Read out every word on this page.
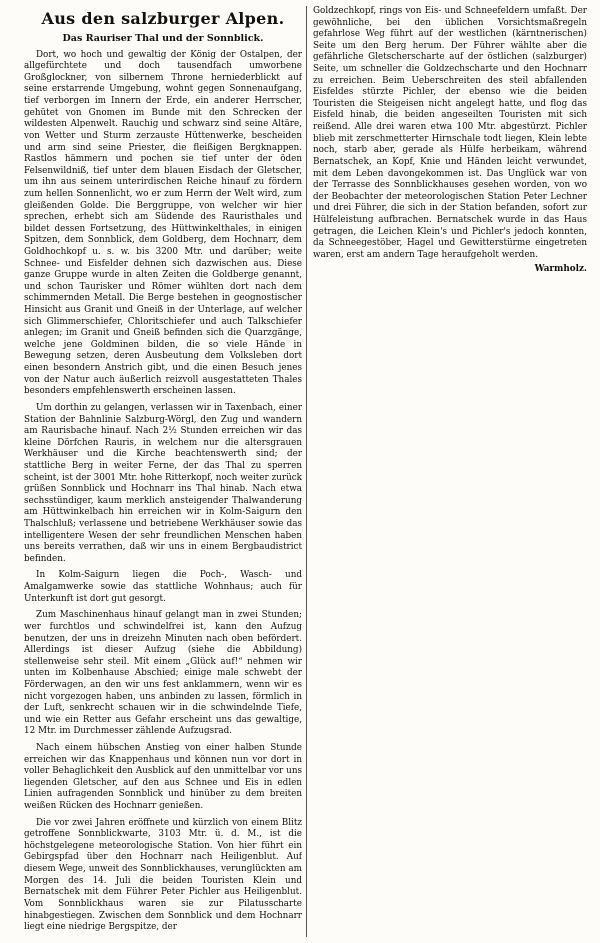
Aus den salzburger Alpen.
Das Rauriser Thal und der Sonnblick.

Dort, wo hoch und gewaltig der König der Ostalpen, der allgefürchtete und doch tausendfach umworbene Großglockner, von silbernem Throne herniederblickt auf seine erstarrende Umgebung, wohnt gegen Sonnenaufgang, tief verborgen im Innern der Erde, ein anderer Herrscher, gehütet von Gnomen im Bunde mit den Schrecken der wildesten Alpenwelt. Rauchig und schwarz sind seine Altäre, von Wetter und Sturm zerzauste Hüttenwerke, bescheiden und arm sind seine Priester, die fleißigen Bergknappen. Rastlos hämmern und pochen sie tief unter der öden Felsenwildniß, tief unter dem blauen Eisdach der Gletscher, um ihn aus seinem unterirdischen Reiche hinauf zu fördern zum hellen Sonnenlicht, wo er zum Herrn der Welt wird, zum gleißenden Golde. Die Berggruppe, von welcher wir hier sprechen, erhebt sich am Südende des Rauristhales und bildet dessen Fortsetzung, des Hüttwinkelthales, in einigen Spitzen, dem Sonnblick, dem Goldberg, dem Hochnarr, dem Goldhochkopf u. s. w. bis 3200 Mtr. und darüber; weite Schnee- und Eisfelder dehnen sich dazwischen aus. Diese ganze Gruppe wurde in alten Zeiten die Goldberge genannt, und schon Taurisker und Römer wühlten dort nach dem schimmernden Metall. Die Berge bestehen in geognostischer Hinsicht aus Granit und Gneiß in der Unterlage, auf welcher sich Glimmerschiefer, Chloritschiefer und auch Talkschiefer anlegen; im Granit und Gneiß befinden sich die Quarzgänge, welche jene Goldminen bilden, die so viele Hände in Bewegung setzen, deren Ausbeutung dem Volksleben dort einen besondern Anstrich gibt, und die einen Besuch jenes von der Natur auch äußerlich reizvoll ausgestatteten Thales besonders empfehlenswerth erscheinen lassen.

Um dorthin zu gelangen, verlassen wir in Taxenbach, einer Station der Bahnlinie Salzburg-Wörgl, den Zug und wandern am Raurisbache hinauf. Nach 2½ Stunden erreichen wir das kleine Dörfchen Rauris, in welchem nur die altersgrauen Werkhäuser und die Kirche beachtenswerth sind; der stattliche Berg in weiter Ferne, der das Thal zu sperren scheint, ist der 3001 Mtr. hohe Ritterkopf, noch weiter zurück grüßen Sonnblick und Hochnarr ins Thal hinab. Nach etwa sechsstündiger, kaum merklich ansteigender Thalwanderung am Hüttwinkelbach hin erreichen wir in Kolm-Saigurn den Thalschluß; verlassene und betriebene Werkhäuser sowie das intelligentere Wesen der sehr freundlichen Menschen haben uns bereits verrathen, daß wir uns in einem Bergbaudistrict befinden.

In Kolm-Saigurn liegen die Poch-, Wasch- und Amalgamwerke sowie das stattliche Wohnhaus; auch für Unterkunft ist dort gut gesorgt.

Zum Maschinenhaus hinauf gelangt man in zwei Stunden; wer furchtlos und schwindelfrei ist, kann den Aufzug benutzen, der uns in dreizehn Minuten nach oben befördert. Allerdings ist dieser Aufzug (siehe die Abbildung) stellenweise sehr steil. Mit einem „Glück auf!“ nehmen wir unten im Kolbenhause Abschied; einige male schwebt der Förderwagen, an den wir uns fest anklammern, wenn wir es nicht vorgezogen haben, uns anbinden zu lassen, förmlich in der Luft, senkrecht schauen wir in die schwindelnde Tiefe, und wie ein Retter aus Gefahr erscheint uns das gewaltige, 12 Mtr. im Durchmesser zählende Aufzugsrad.

Nach einem hübschen Anstieg von einer halben Stunde erreichen wir das Knappenhaus und können nun vor dort in voller Behaglichkeit den Ausblick auf den unmittelbar vor uns liegenden Gletscher, auf den aus Schnee und Eis in edlen Linien aufragenden Sonnblick und hinüber zu dem breiten weißen Rücken des Hochnarr genießen.

Die vor zwei Jahren eröffnete und kürzlich von einem Blitz getroffene Sonnblickwarte, 3103 Mtr. ü. d. M., ist die höchstgelegene meteorologische Station. Von hier führt ein Gebirgspfad über den Hochnarr nach Heiligenblut. Auf diesem Wege, unweit des Sonnblickhauses, verunglückten am Morgen des 14. Juli die beiden Touristen Klein und Bernatschek mit dem Führer Peter Pichler aus Heiligenblut. Vom Sonnblickhaus waren sie zur Pilatusscharte hinabgestiegen. Zwischen dem Sonnblick und dem Hochnarr liegt eine niedrige Bergspitze, der

Goldzechkopf, rings von Eis- und Schneefeldern umfaßt. Der gewöhnliche, bei den üblichen Vorsichtsmaßregeln gefahrlose Weg führt auf der westlichen (kärntnerischen) Seite um den Berg herum. Der Führer wählte aber die gefährliche Gletscherscharte auf der östlichen (salzburger) Seite, um schneller die Goldzechscharte und den Hochnarr zu erreichen. Beim Ueberschreiten des steil abfallenden Eisfeldes stürzte Pichler, der ebenso wie die beiden Touristen die Steigeisen nicht angelegt hatte, und flog das Eisfeld hinab, die beiden angeseilten Touristen mit sich reißend. Alle drei waren etwa 100 Mtr. abgestürzt. Pichler blieb mit zerschmetterter Hirnschale todt liegen, Klein lebte noch, starb aber, gerade als Hülfe herbeikam, während Bernatschek, an Kopf, Knie und Händen leicht verwundet, mit dem Leben davongekommen ist. Das Unglück war von der Terrasse des Sonnblickhauses gesehen worden, von wo der Beobachter der meteorologischen Station Peter Lechner und drei Führer, die sich in der Station befanden, sofort zur Hülfeleistung aufbrachen. Bernatschek wurde in das Haus getragen, die Leichen Klein's und Pichler's jedoch konnten, da Schneegestöber, Hagel und Gewitterstürme eingetreten waren, erst am andern Tage heraufgeholt werden.

Warmholz.
